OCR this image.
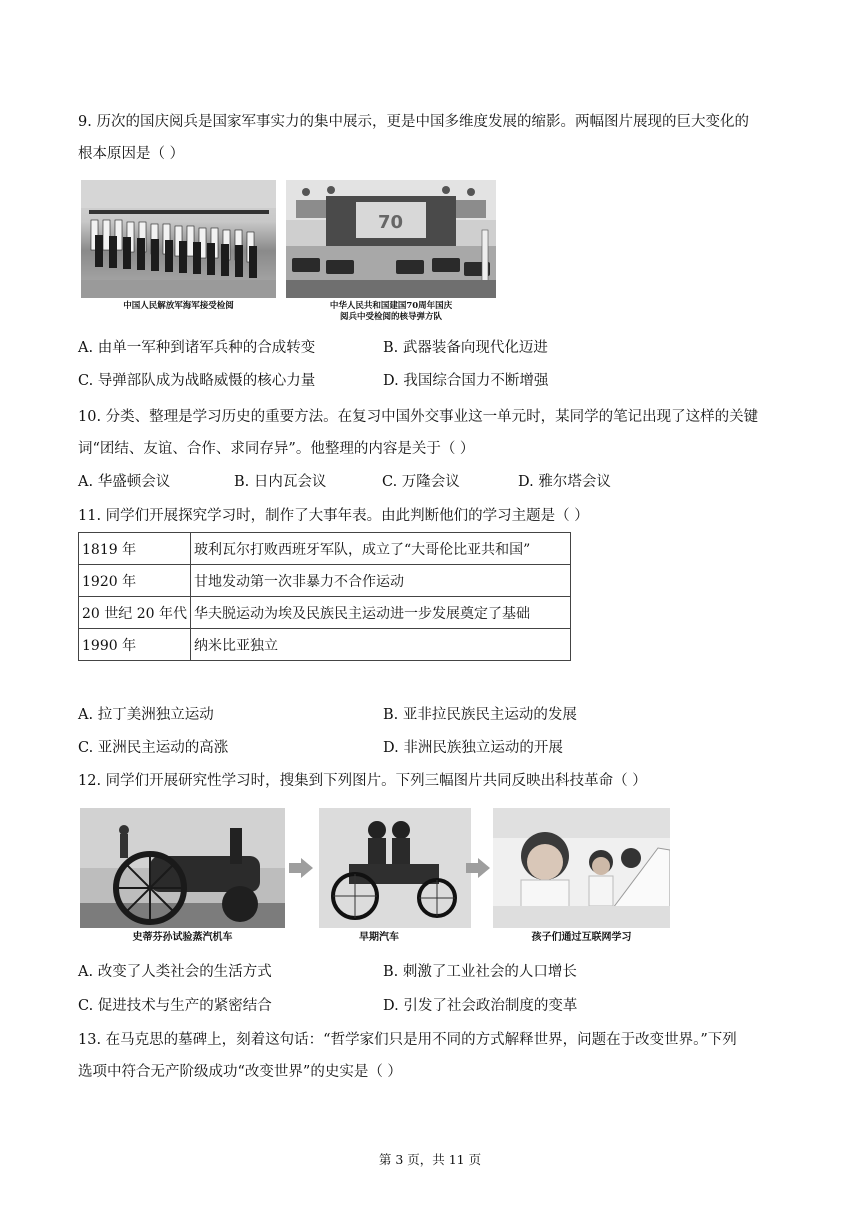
9. 历次的国庆阅兵是国家军事实力的集中展示，更是中国多维度发展的缩影。两幅图片展现的巨大变化的
根本原因是（ ）
中国人民解放军海军接受检阅
70
中华人民共和国建国70周年国庆
阅兵中受检阅的核导弹方队
A. 由单一军种到诸军兵种的合成转变	B. 武器装备向现代化迈进
C. 导弹部队成为战略威慑的核心力量	D. 我国综合国力不断增强
10. 分类、整理是学习历史的重要方法。在复习中国外交事业这一单元时，某同学的笔记出现了这样的关键
词“团结、友谊、合作、求同存异”。他整理的内容是关于（ ）
A. 华盛顿会议	B. 日内瓦会议	C. 万隆会议	D. 雅尔塔会议
11. 同学们开展探究学习时，制作了大事年表。由此判断他们的学习主题是（ ）
1819 年	玻利瓦尔打败西班牙军队，成立了“大哥伦比亚共和国”
1920 年	甘地发动第一次非暴力不合作运动
20 世纪 20 年代	华夫脱运动为埃及民族民主运动进一步发展奠定了基础
1990 年	纳米比亚独立
A. 拉丁美洲独立运动	B. 亚非拉民族民主运动的发展
C. 亚洲民主运动的高涨	D. 非洲民族独立运动的开展
12. 同学们开展研究性学习时，搜集到下列图片。下列三幅图片共同反映出科技革命（ ）
史蒂芬孙试验蒸汽机车	早期汽车	孩子们通过互联网学习
A. 改变了人类社会的生活方式	B. 刺激了工业社会的人口增长
C. 促进技术与生产的紧密结合	D. 引发了社会政治制度的变革
13. 在马克思的墓碑上，刻着这句话：“哲学家们只是用不同的方式解释世界，问题在于改变世界。”下列
选项中符合无产阶级成功“改变世界”的史实是（ ）
第 3 页，共 11 页
